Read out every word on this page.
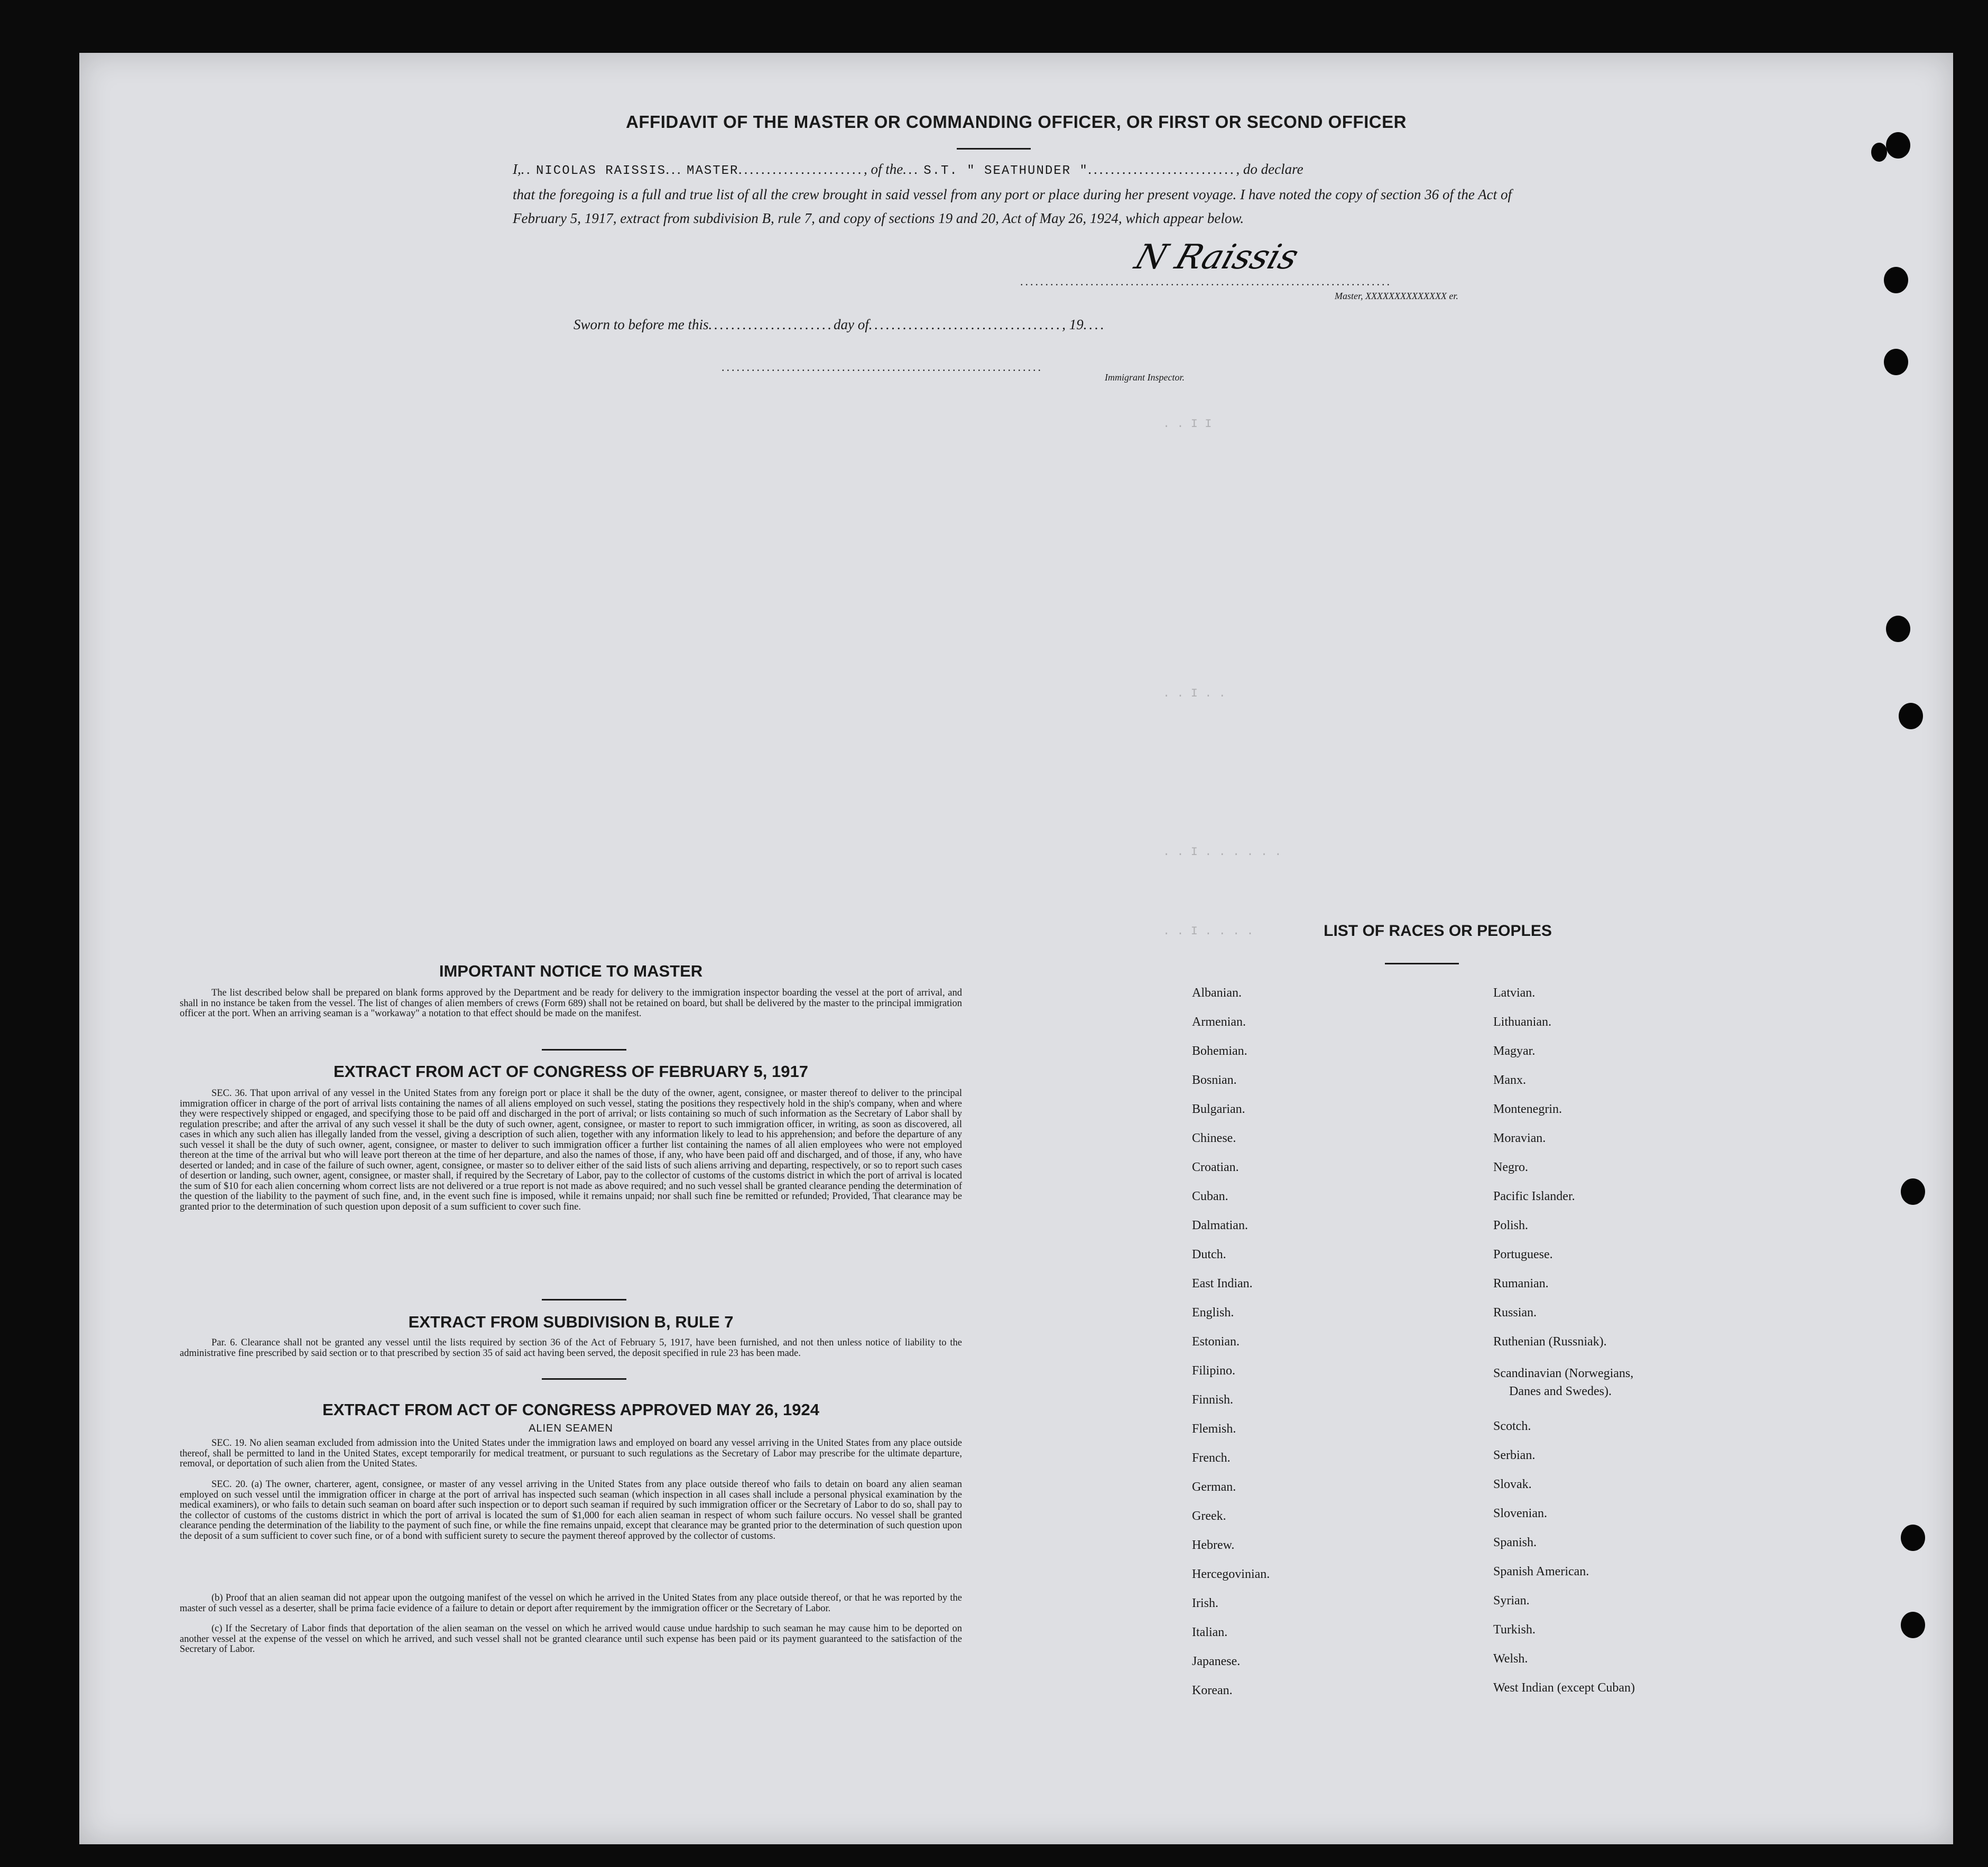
. . I I
. . I . .
. . I . . . . . .
. . I . . . .
AFFIDAVIT OF THE MASTER OR COMMANDING OFFICER, OR FIRST OR SECOND OFFICER
I,.. NICOLAS RAISSIS... MASTER......................, of the... S.T. " SEATHUNDER ".........................., do declare
that the foregoing is a full and true list of all the crew brought in said vessel from any port or place during her present voyage. I have noted the copy of section 36 of the Act of February 5, 1917, extract from subdivision B, rule 7, and copy of sections 19 and 20, Act of May 26, 1924, which appear below.
N Raissis
..........................................................................
Master, XXXXXXXXXXXXXX er.
Sworn to before me this......................day of.................................., 19....
................................................................
Immigrant Inspector.
IMPORTANT NOTICE TO MASTER
The list described below shall be prepared on blank forms approved by the Department and be ready for delivery to the immigration inspector boarding the vessel at the port of arrival, and shall in no instance be taken from the vessel. The list of changes of alien members of crews (Form 689) shall not be retained on board, but shall be delivered by the master to the principal immigration officer at the port. When an arriving seaman is a "workaway" a notation to that effect should be made on the manifest.
EXTRACT FROM ACT OF CONGRESS OF FEBRUARY 5, 1917
SEC. 36. That upon arrival of any vessel in the United States from any foreign port or place it shall be the duty of the owner, agent, consignee, or master thereof to deliver to the principal immigration officer in charge of the port of arrival lists containing the names of all aliens employed on such vessel, stating the positions they respectively hold in the ship's company, when and where they were respectively shipped or engaged, and specifying those to be paid off and discharged in the port of arrival; or lists containing so much of such information as the Secretary of Labor shall by regulation prescribe; and after the arrival of any such vessel it shall be the duty of such owner, agent, consignee, or master to report to such immigration officer, in writing, as soon as discovered, all cases in which any such alien has illegally landed from the vessel, giving a description of such alien, together with any information likely to lead to his apprehension; and before the departure of any such vessel it shall be the duty of such owner, agent, consignee, or master to deliver to such immigration officer a further list containing the names of all alien employees who were not employed thereon at the time of the arrival but who will leave port thereon at the time of her departure, and also the names of those, if any, who have been paid off and discharged, and of those, if any, who have deserted or landed; and in case of the failure of such owner, agent, consignee, or master so to deliver either of the said lists of such aliens arriving and departing, respectively, or so to report such cases of desertion or landing, such owner, agent, consignee, or master shall, if required by the Secretary of Labor, pay to the collector of customs of the customs district in which the port of arrival is located the sum of $10 for each alien concerning whom correct lists are not delivered or a true report is not made as above required; and no such vessel shall be granted clearance pending the determination of the question of the liability to the payment of such fine, and, in the event such fine is imposed, while it remains unpaid; nor shall such fine be remitted or refunded; Provided, That clearance may be granted prior to the determination of such question upon deposit of a sum sufficient to cover such fine.
EXTRACT FROM SUBDIVISION B, RULE 7
Par. 6. Clearance shall not be granted any vessel until the lists required by section 36 of the Act of February 5, 1917, have been furnished, and not then unless notice of liability to the administrative fine prescribed by said section or to that prescribed by section 35 of said act having been served, the deposit specified in rule 23 has been made.
EXTRACT FROM ACT OF CONGRESS APPROVED MAY 26, 1924
ALIEN SEAMEN
SEC. 19. No alien seaman excluded from admission into the United States under the immigration laws and employed on board any vessel arriving in the United States from any place outside thereof, shall be permitted to land in the United States, except temporarily for medical treatment, or pursuant to such regulations as the Secretary of Labor may prescribe for the ultimate departure, removal, or deportation of such alien from the United States.
SEC. 20. (a) The owner, charterer, agent, consignee, or master of any vessel arriving in the United States from any place outside thereof who fails to detain on board any alien seaman employed on such vessel until the immigration officer in charge at the port of arrival has inspected such seaman (which inspection in all cases shall include a personal physical examination by the medical examiners), or who fails to detain such seaman on board after such inspection or to deport such seaman if required by such immigration officer or the Secretary of Labor to do so, shall pay to the collector of customs of the customs district in which the port of arrival is located the sum of $1,000 for each alien seaman in respect of whom such failure occurs. No vessel shall be granted clearance pending the determination of the liability to the payment of such fine, or while the fine remains unpaid, except that clearance may be granted prior to the determination of such question upon the deposit of a sum sufficient to cover such fine, or of a bond with sufficient surety to secure the payment thereof approved by the collector of customs.
(b) Proof that an alien seaman did not appear upon the outgoing manifest of the vessel on which he arrived in the United States from any place outside thereof, or that he was reported by the master of such vessel as a deserter, shall be prima facie evidence of a failure to detain or deport after requirement by the immigration officer or the Secretary of Labor.
(c) If the Secretary of Labor finds that deportation of the alien seaman on the vessel on which he arrived would cause undue hardship to such seaman he may cause him to be deported on another vessel at the expense of the vessel on which he arrived, and such vessel shall not be granted clearance until such expense has been paid or its payment guaranteed to the satisfaction of the Secretary of Labor.
LIST OF RACES OR PEOPLES
Albanian.
Armenian.
Bohemian.
Bosnian.
Bulgarian.
Chinese.
Croatian.
Cuban.
Dalmatian.
Dutch.
East Indian.
English.
Estonian.
Filipino.
Finnish.
Flemish.
French.
German.
Greek.
Hebrew.
Hercegovinian.
Irish.
Italian.
Japanese.
Korean.
Latvian.
Lithuanian.
Magyar.
Manx.
Montenegrin.
Moravian.
Negro.
Pacific Islander.
Polish.
Portuguese.
Rumanian.
Russian.
Ruthenian (Russniak).
Scandinavian (Norwegians,
Danes and Swedes).
Scotch.
Serbian.
Slovak.
Slovenian.
Spanish.
Spanish American.
Syrian.
Turkish.
Welsh.
West Indian (except Cuban)
